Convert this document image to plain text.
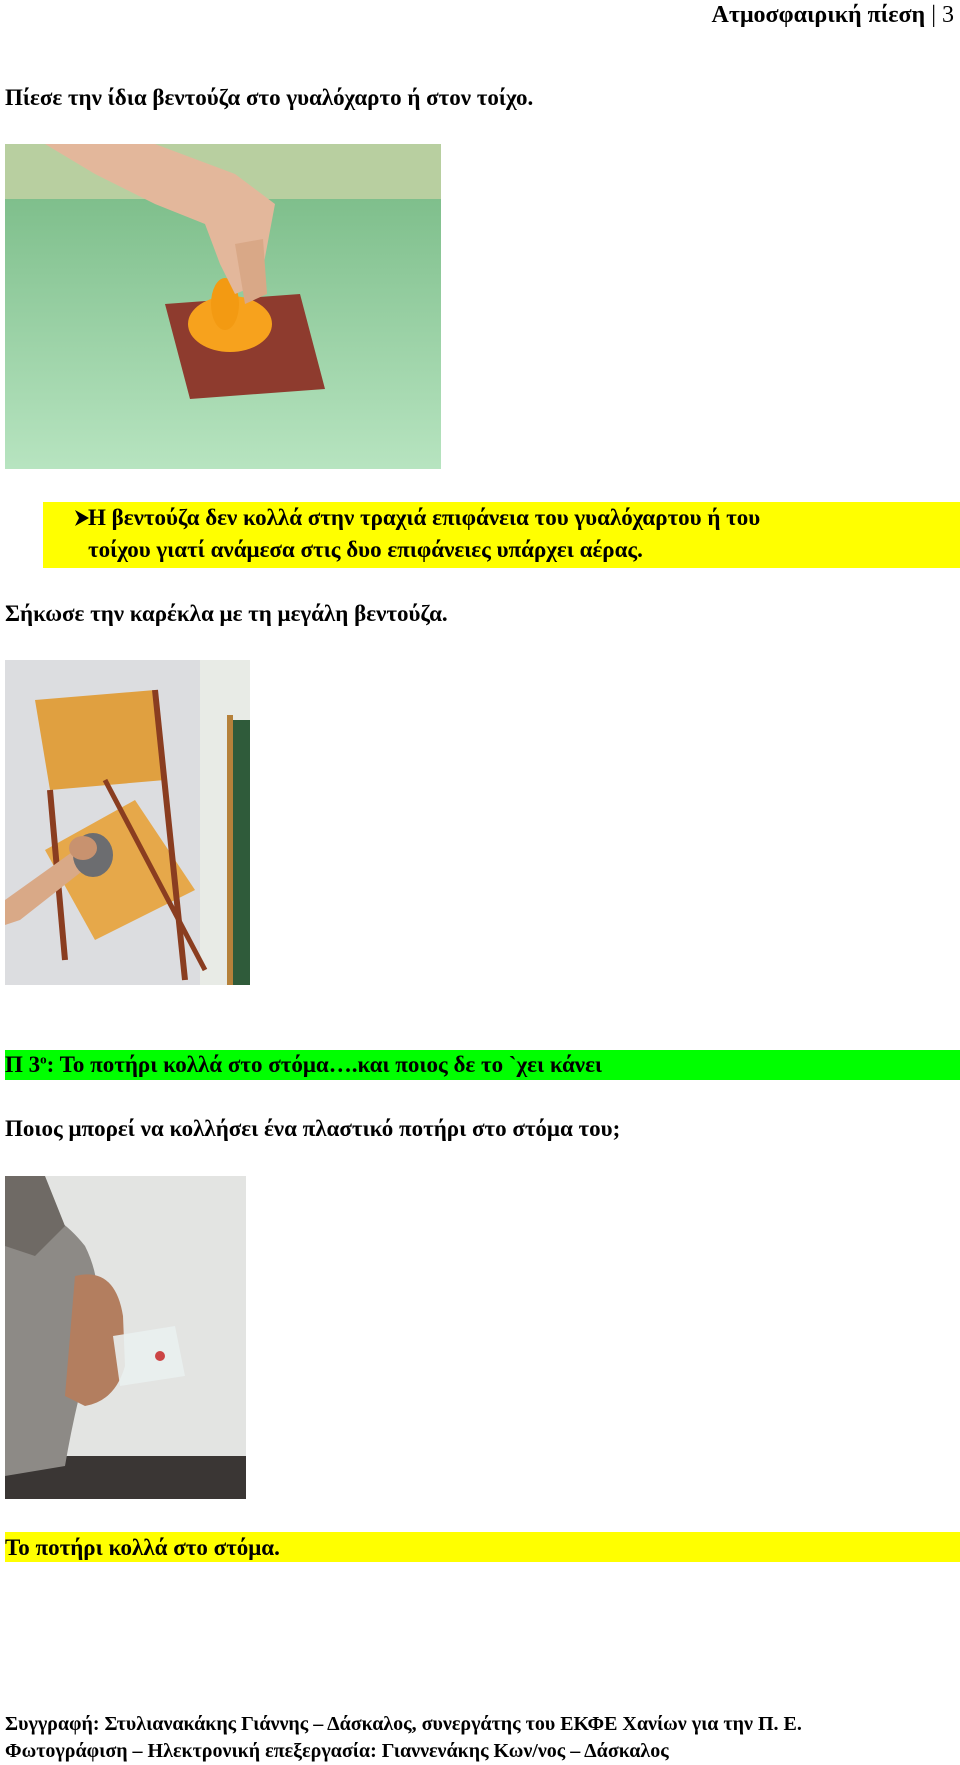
Ατμοσφαιρική πίεση | 3
Πίεσε την ίδια βεντούζα στο γυαλόχαρτο ή στον τοίχο.
Η βεντούζα δεν κολλά στην τραχιά επιφάνεια του γυαλόχαρτου ή του
τοίχου γιατί ανάμεσα στις δυο επιφάνειες υπάρχει αέρας.
Σήκωσε την καρέκλα με τη μεγάλη βεντούζα.
Π $3^o$: Το ποτήρι κολλά στο στόμα….και ποιος δε το `χει κάνει
Ποιος μπορεί να κολλήσει ένα πλαστικό ποτήρι στο στόμα του;
Το ποτήρι κολλά στο στόμα.
Συγγραφή: Στυλιανακάκης Γιάννης – Δάσκαλος, συνεργάτης του ΕΚΦΕ Χανίων για την Π. Ε.
Φωτογράφιση – Ηλεκτρονική επεξεργασία: Γιαννενάκης Κων/νος – Δάσκαλος
